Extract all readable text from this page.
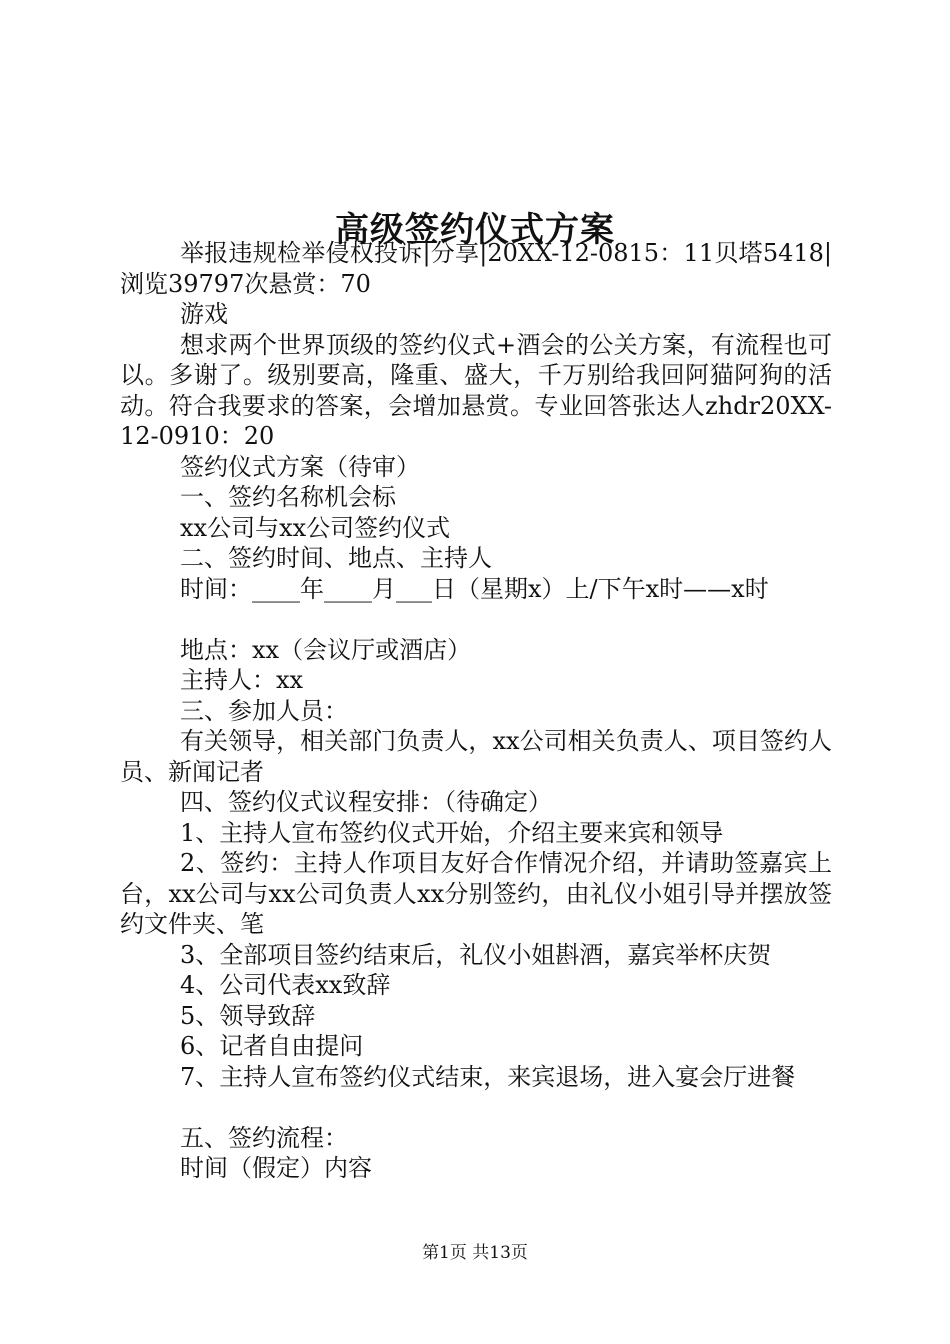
高级签约仪式方案

举报违规检举侵权投诉|分享|20XX-12-0815：11贝塔5418|浏览39797次悬赏：70

游戏

想求两个世界顶级的签约仪式+酒会的公关方案，有流程也可以。多谢了。级别要高，隆重、盛大，千万别给我回阿猫阿狗的活动。符合我要求的答案，会增加悬赏。专业回答张达人zhdr20XX-12-0910：20

签约仪式方案（待审）

一、签约名称机会标

xx公司与xx公司签约仪式

二、签约时间、地点、主持人

时间：____年____月___日（星期x）上/下午x时——x时

地点：xx（会议厅或酒店）

主持人：xx

三、参加人员：

有关领导，相关部门负责人，xx公司相关负责人、项目签约人员、新闻记者

四、签约仪式议程安排：（待确定）

1、主持人宣布签约仪式开始，介绍主要来宾和领导

2、签约：主持人作项目友好合作情况介绍，并请助签嘉宾上台，xx公司与xx公司负责人xx分别签约，由礼仪小姐引导并摆放签约文件夹、笔

3、全部项目签约结束后，礼仪小姐斟酒，嘉宾举杯庆贺

4、公司代表xx致辞

5、领导致辞

6、记者自由提问

7、主持人宣布签约仪式结束，来宾退场，进入宴会厅进餐

五、签约流程：

时间（假定）内容

第1页 共13页
